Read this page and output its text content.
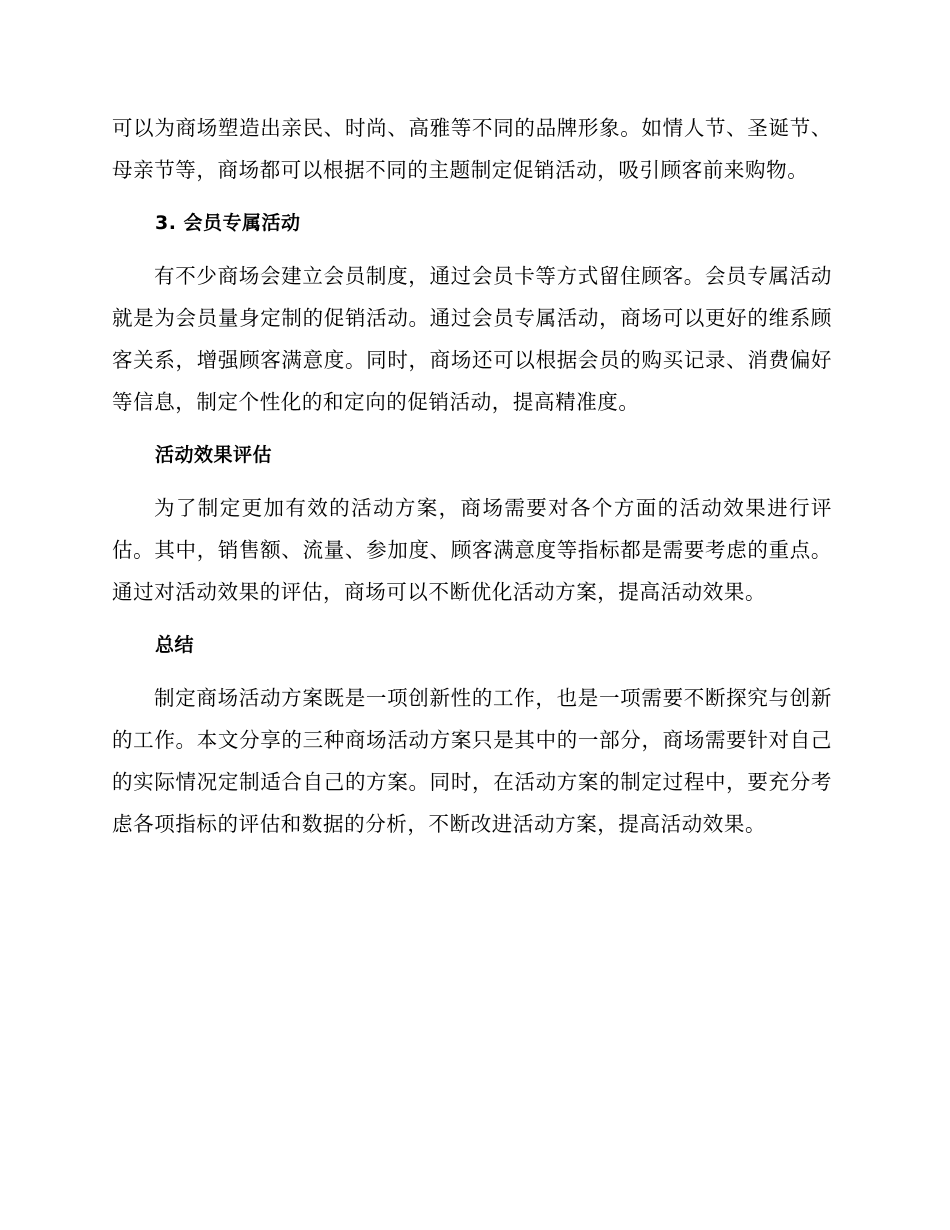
可以为商场塑造出亲民、时尚、高雅等不同的品牌形象。如情人节、圣诞节、母亲节等，商场都可以根据不同的主题制定促销活动，吸引顾客前来购物。

3. 会员专属活动

有不少商场会建立会员制度，通过会员卡等方式留住顾客。会员专属活动就是为会员量身定制的促销活动。通过会员专属活动，商场可以更好的维系顾客关系，增强顾客满意度。同时，商场还可以根据会员的购买记录、消费偏好等信息，制定个性化的和定向的促销活动，提高精准度。

活动效果评估

为了制定更加有效的活动方案，商场需要对各个方面的活动效果进行评估。其中，销售额、流量、参加度、顾客满意度等指标都是需要考虑的重点。通过对活动效果的评估，商场可以不断优化活动方案，提高活动效果。

总结

制定商场活动方案既是一项创新性的工作，也是一项需要不断探究与创新的工作。本文分享的三种商场活动方案只是其中的一部分，商场需要针对自己的实际情况定制适合自己的方案。同时，在活动方案的制定过程中，要充分考虑各项指标的评估和数据的分析，不断改进活动方案，提高活动效果。
